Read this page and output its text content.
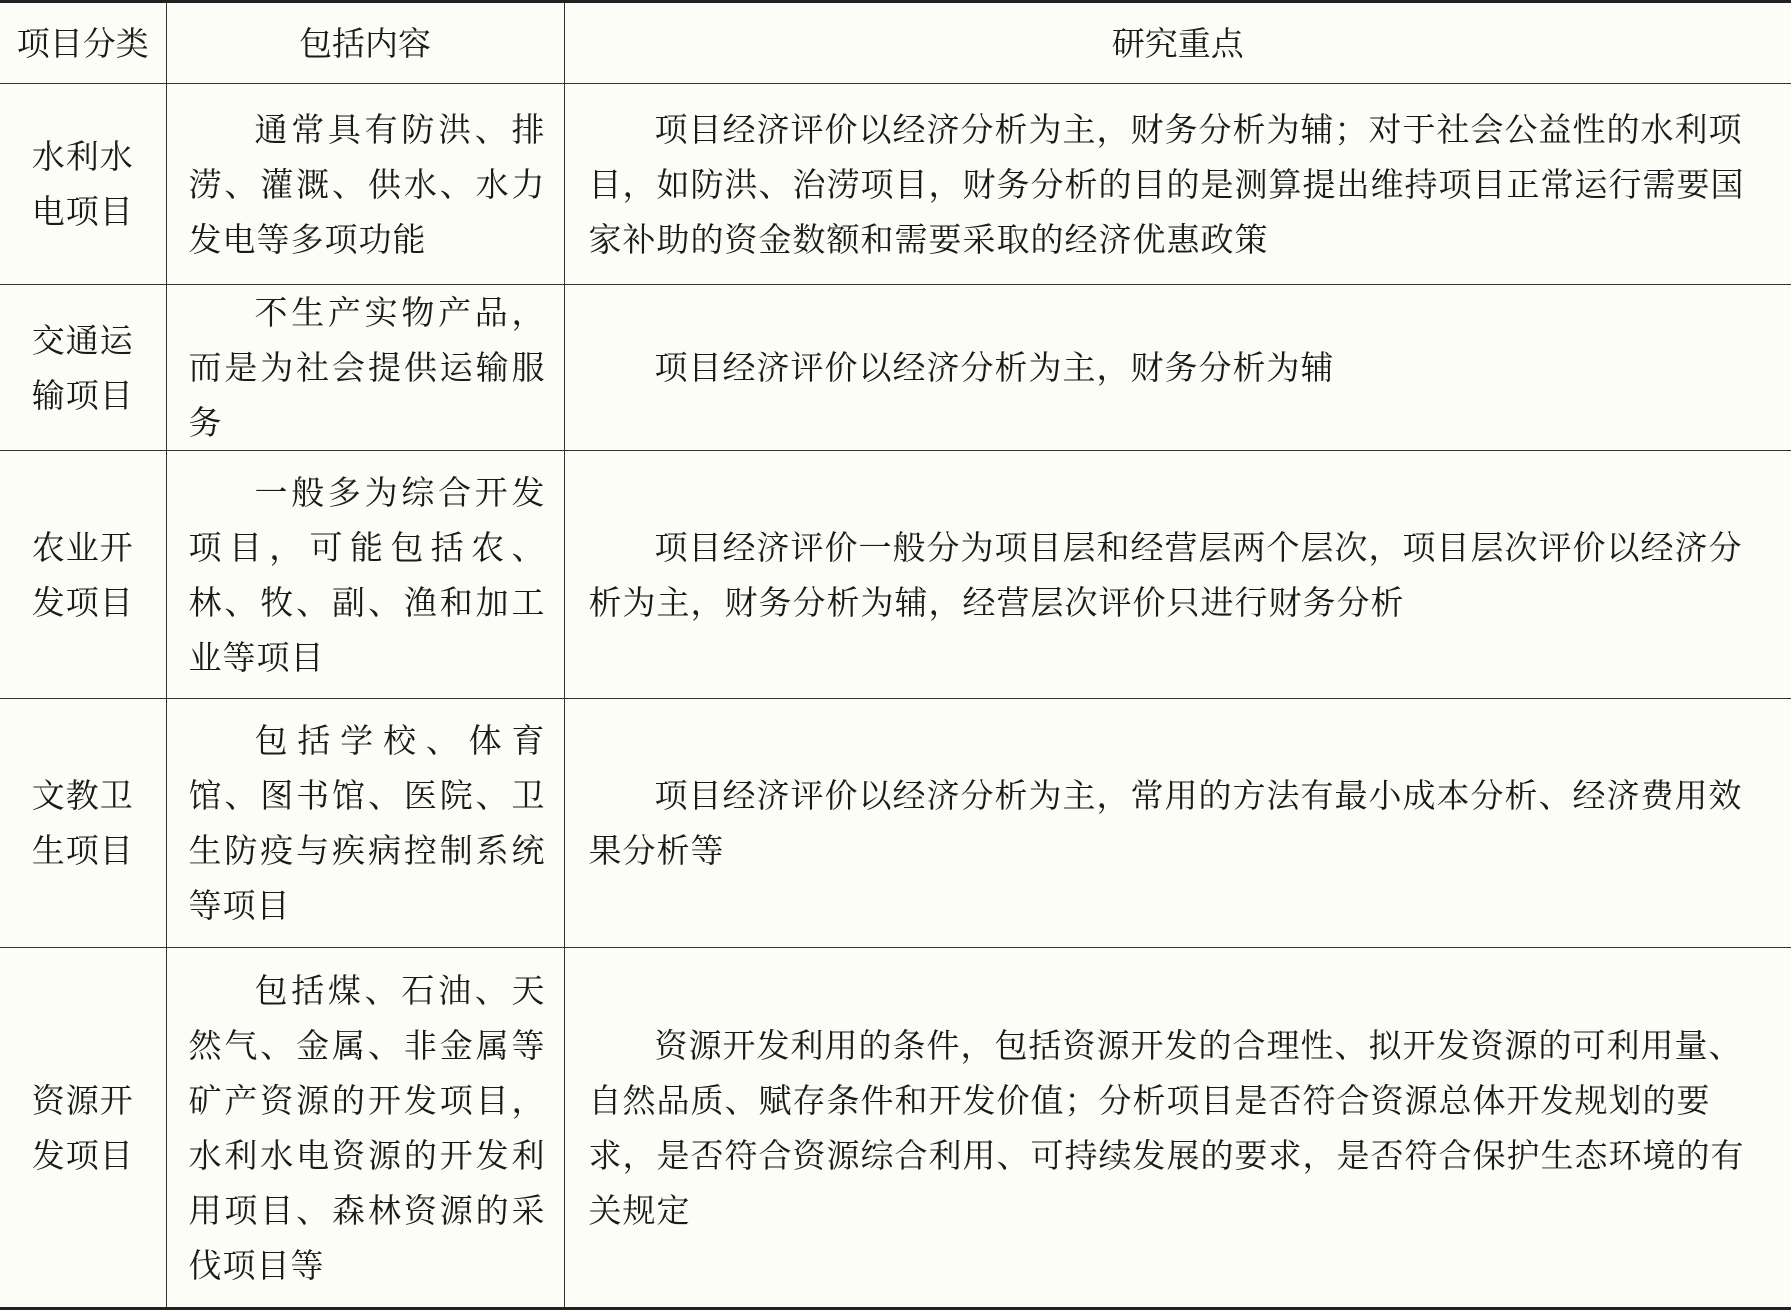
项目分类	包括内容	研究重点
水利水电项目	通常具有防洪、排涝、灌溉、供水、水力发电等多项功能	项目经济评价以经济分析为主，财务分析为辅；对于社会公益性的水利项目，如防洪、治涝项目，财务分析的目的是测算提出维持项目正常运行需要国家补助的资金数额和需要采取的经济优惠政策
交通运输项目	不生产实物产品，而是为社会提供运输服务	项目经济评价以经济分析为主，财务分析为辅
农业开发项目	一般多为综合开发项目，可能包括农、林、牧、副、渔和加工业等项目	项目经济评价一般分为项目层和经营层两个层次，项目层次评价以经济分析为主，财务分析为辅，经营层次评价只进行财务分析
文教卫生项目	包括学校、体育馆、图书馆、医院、卫生防疫与疾病控制系统等项目	项目经济评价以经济分析为主，常用的方法有最小成本分析、经济费用效果分析等
资源开发项目	包括煤、石油、天然气、金属、非金属等矿产资源的开发项目，水利水电资源的开发利用项目、森林资源的采伐项目等	资源开发利用的条件，包括资源开发的合理性、拟开发资源的可利用量、自然品质、赋存条件和开发价值；分析项目是否符合资源总体开发规划的要求，是否符合资源综合利用、可持续发展的要求，是否符合保护生态环境的有关规定
